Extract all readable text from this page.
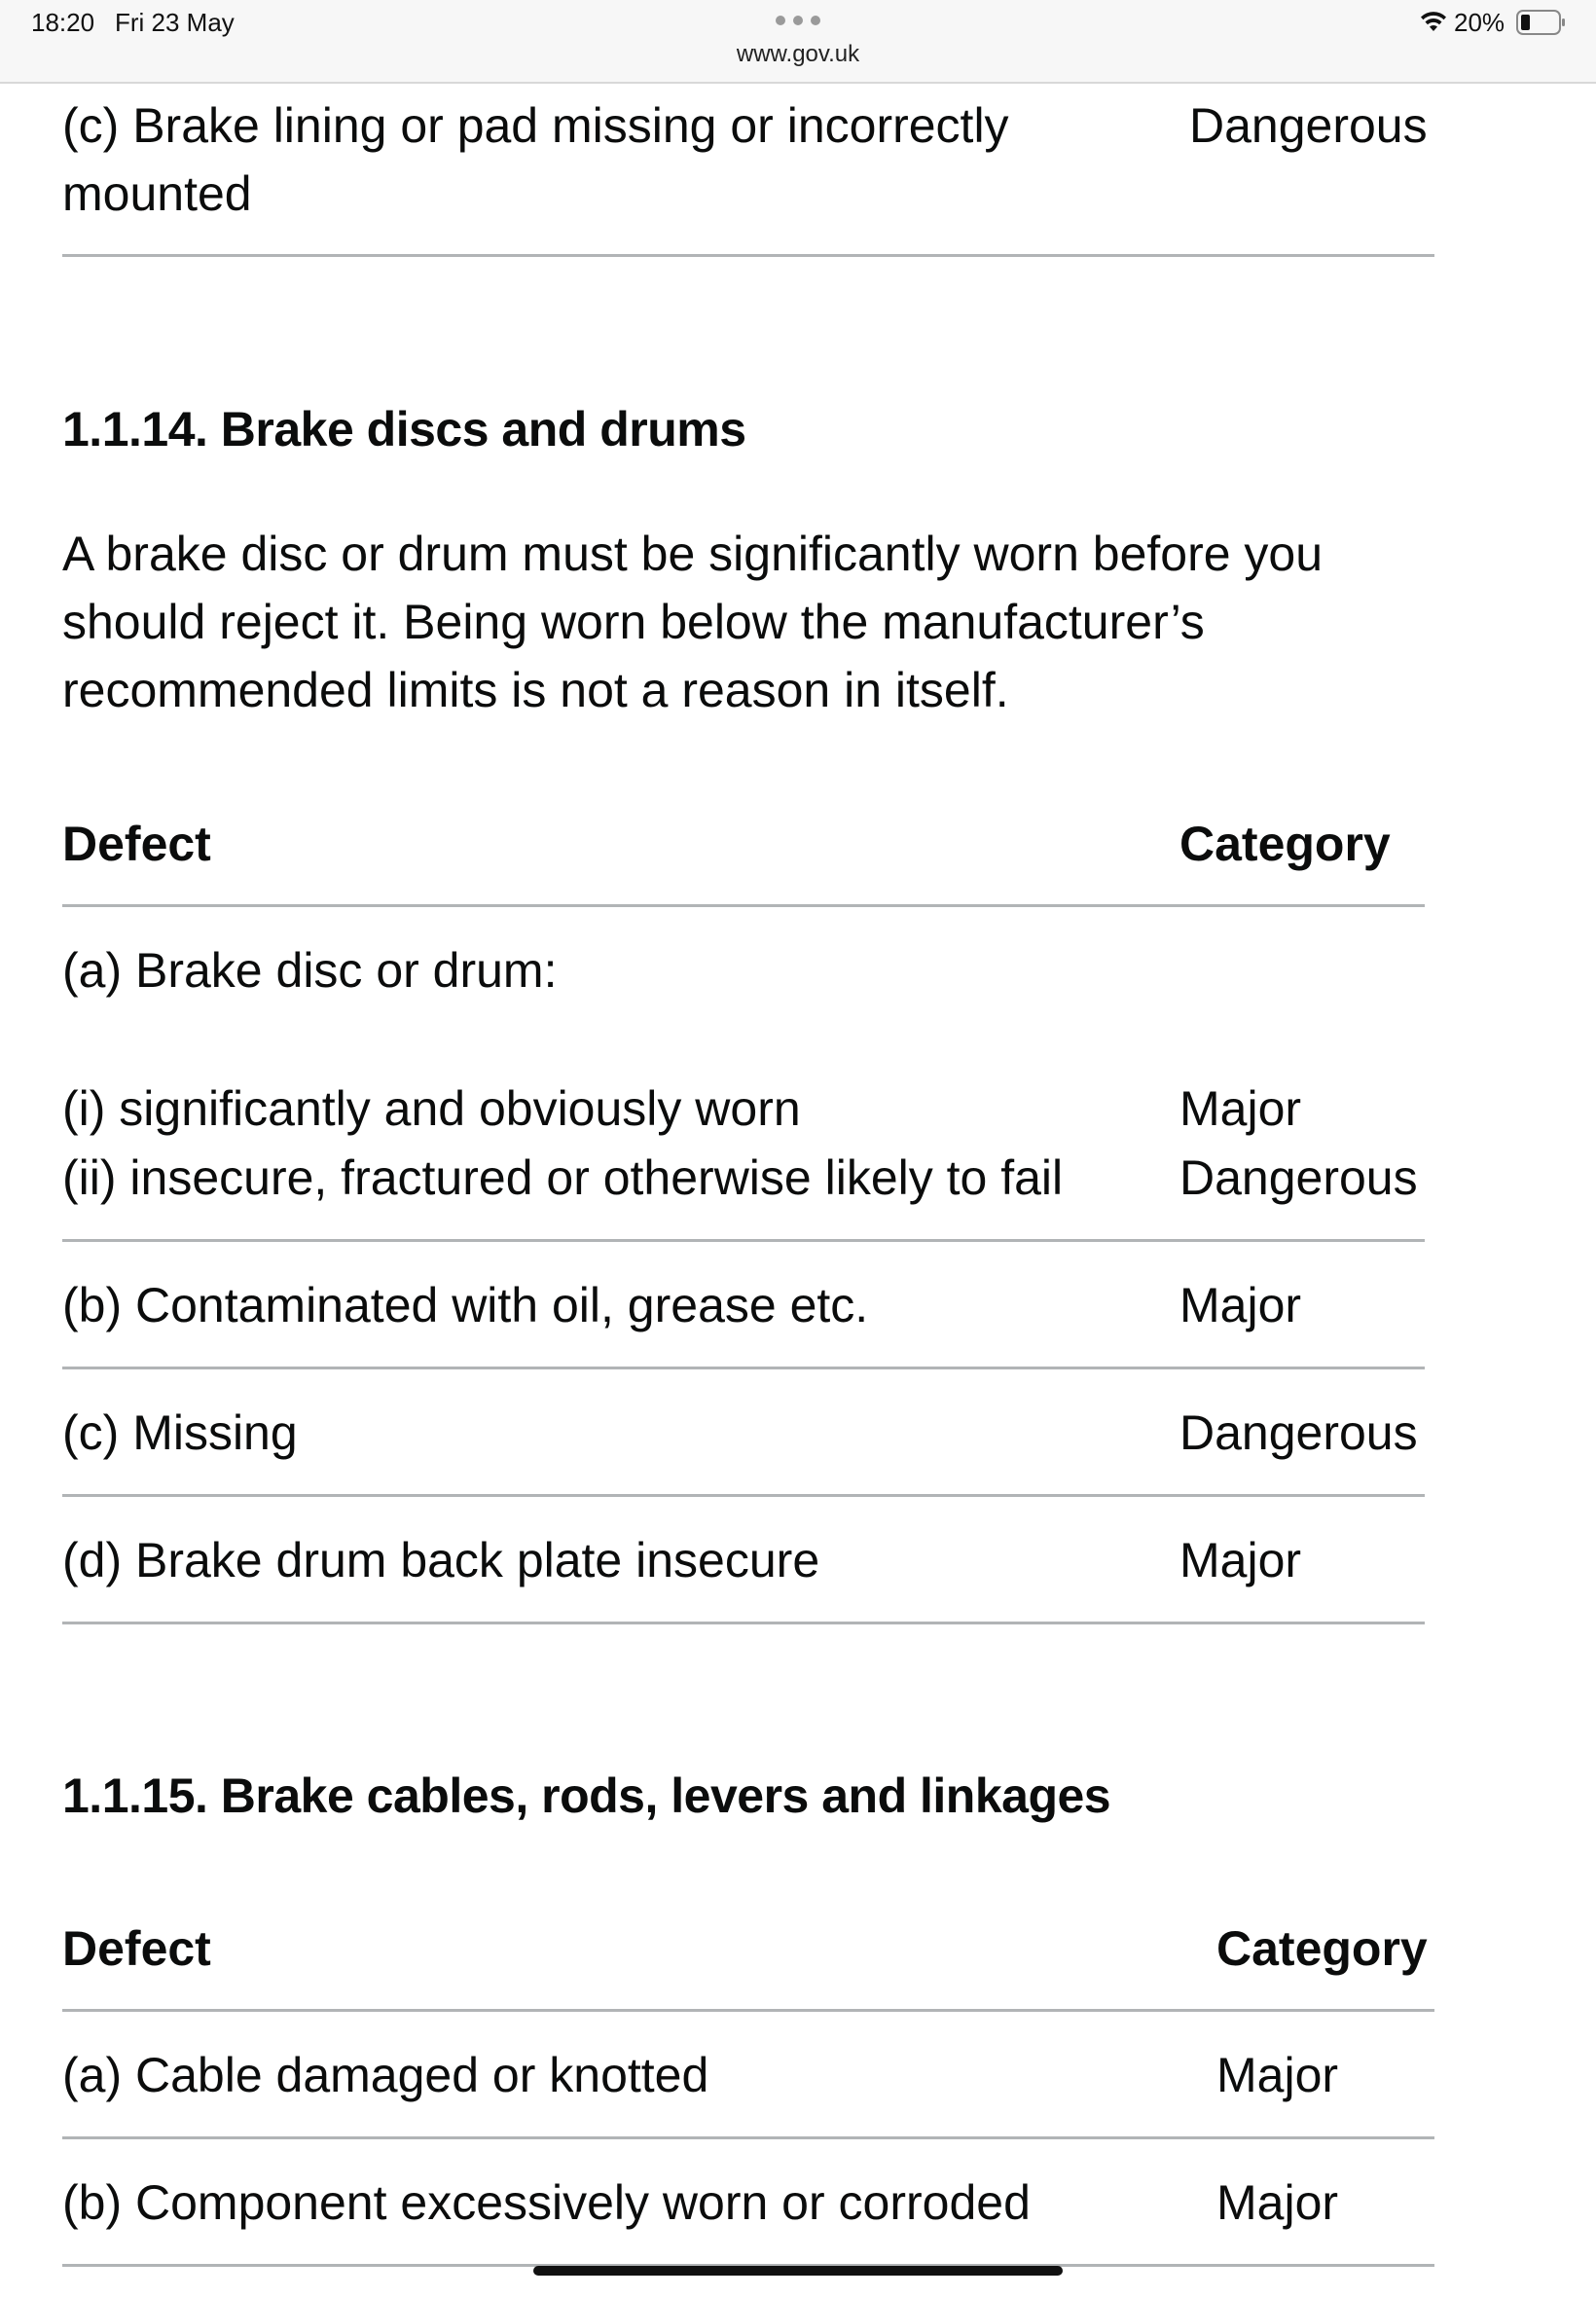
18:20 Fri 23 May
www.gov.uk
20%
(c) Brake lining or pad missing or incorrectly
mounted
Dangerous
1.1.14. Brake discs and drums
A brake disc or drum must be significantly worn before you
should reject it. Being worn below the manufacturer’s
recommended limits is not a reason in itself.
Defect	Category
(a) Brake disc or drum:
(i) significantly and obviously worn	Major
(ii) insecure, fractured or otherwise likely to fail Dangerous
(b) Contaminated with oil, grease etc.	Major
(c) Missing	Dangerous
(d) Brake drum back plate insecure	Major
1.1.15. Brake cables, rods, levers and linkages
Defect	Category
(a) Cable damaged or knotted	Major
(b) Component excessively worn or corroded	Major
